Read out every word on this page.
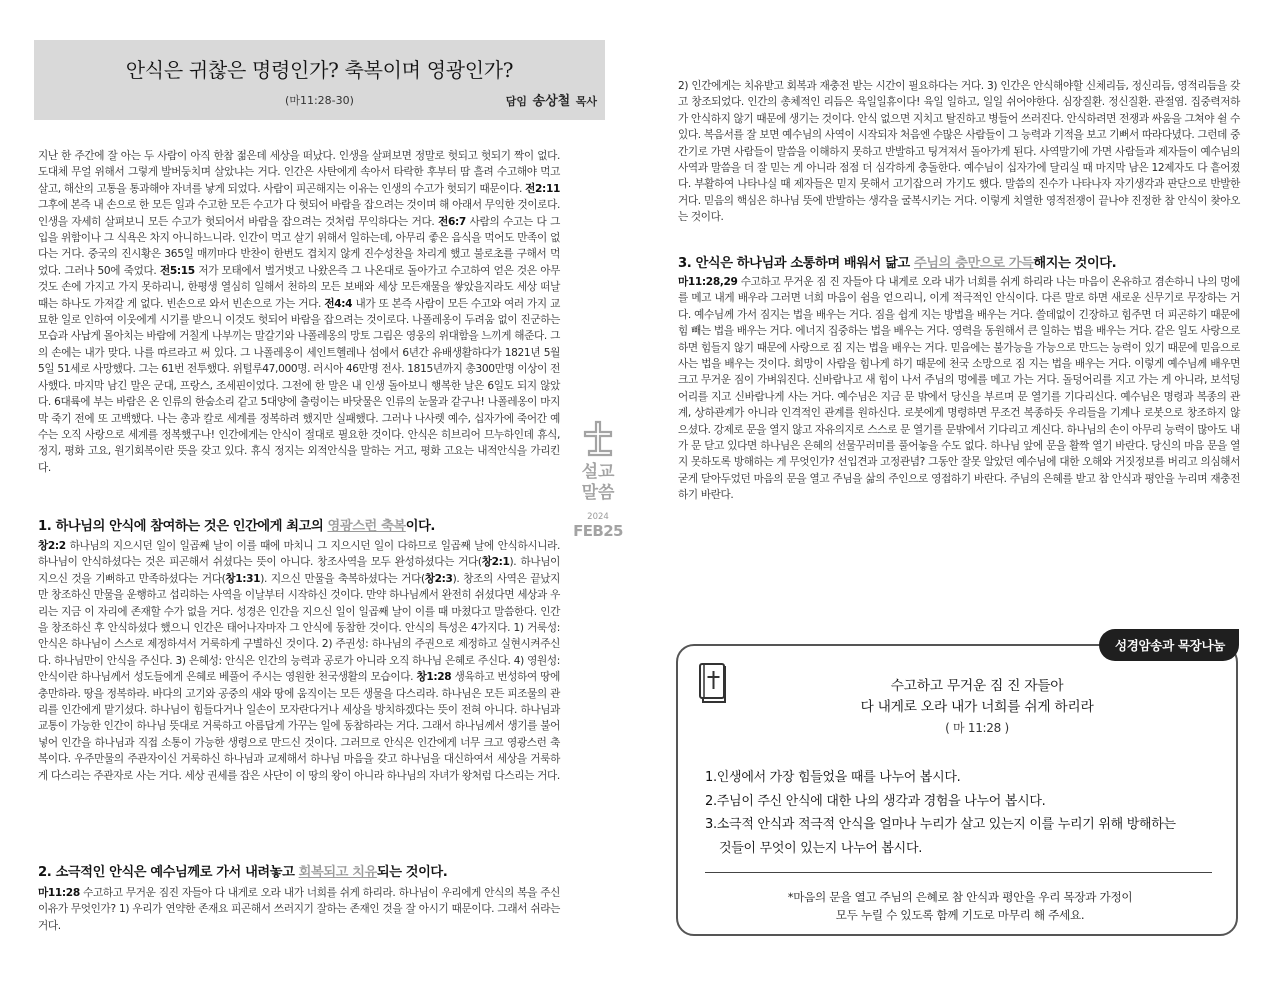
안식은 귀찮은 명령인가? 축복이며 영광인가?
(마11:28-30)	담임 송상철 목사
지난 한 주간에 잘 아는 두 사람이 아직 한참 젊은데 세상을 떠났다. 인생을 살펴보면 정말로 헛되고 헛되기 짝이 없다. 도대체 무얼 위해서 그렇게 발버둥치며 살았냐는 거다. 인간은 사탄에게 속아서 타락한 후부터 땀 흘려 수고해야 먹고 살고, 해산의 고통을 통과해야 자녀를 낳게 되었다. 사람이 피곤해지는 이유는 인생의 수고가 헛되기 때문이다. 전2:11 그후에 본즉 내 손으로 한 모든 일과 수고한 모든 수고가 다 헛되어 바람을 잡으려는 것이며 해 아래서 무익한 것이로다. 인생을 자세히 살펴보니 모든 수고가 헛되어서 바람을 잡으려는 것처럼 무익하다는 거다. 전6:7 사람의 수고는 다 그 입을 위함이나 그 식욕은 차지 아니하느니라. 인간이 먹고 살기 위해서 일하는데, 아무리 좋은 음식을 먹어도 만족이 없다는 거다. 중국의 진시황은 365일 매끼마다 반찬이 한번도 겹치지 않게 진수성찬을 차리게 했고 불로초를 구해서 먹었다. 그러나 50에 죽었다. 전5:15 저가 모태에서 벌거벗고 나왔은즉 그 나온대로 돌아가고 수고하여 얻은 것은 아무 것도 손에 가지고 가지 못하리니, 한평생 열심히 일해서 천하의 모든 보배와 세상 모든재물을 쌓았을지라도 세상 떠날 때는 하나도 가져갈 게 없다. 빈손으로 와서 빈손으로 가는 거다. 전4:4 내가 또 본즉 사람이 모든 수고와 여러 가지 교묘한 일로 인하여 이웃에게 시기를 받으니 이것도 헛되어 바람을 잡으려는 것이로다. 나폴레옹이 두려움 없이 진군하는 모습과 사납게 몰아치는 바람에 거칠게 나부끼는 말갈기와 나폴레옹의 망토 그림은 영웅의 위대함을 느끼게 해준다. 그의 손에는 내가 맞다. 나를 따르라고 써 있다. 그 나폴레옹이 세인트헬레나 섬에서 6년간 유배생활하다가 1821년 5월 5일 51세로 사망했다. 그는 61번 전투했다. 위털루47,000명. 러시아 46만명 전사. 1815년까지 총300만명 이상이 전사했다. 마지막 남긴 말은 군대, 프랑스, 조세핀이었다. 그전에 한 말은 내 인생 돌아보니 행복한 날은 6일도 되지 않았다. 6대륙에 부는 바람은 온 인류의 한숨소리 같고 5대양에 출렁이는 바닷물은 인류의 눈물과 같구나! 나폴레옹이 마지막 죽기 전에 또 고백했다. 나는 총과 칼로 세계를 정복하려 했지만 실패했다. 그러나 나사렛 예수, 십자가에 죽어간 예수는 오직 사랑으로 세계를 정복했구나! 인간에게는 안식이 절대로 필요한 것이다. 안식은 히브리어 므누하인데 휴식, 정지, 평화 고요, 원기회복이란 뜻을 갖고 있다. 휴식 정지는 외적안식을 말하는 거고, 평화 고요는 내적안식을 가리킨다.
1. 하나님의 안식에 참여하는 것은 인간에게 최고의 영광스런 축복이다.
창2:2 하나님의 지으시던 일이 일곱째 날이 이를 때에 마치니 그 지으시던 일이 다하므로 일곱째 날에 안식하시니라. 하나님이 안식하셨다는 것은 피곤해서 쉬셨다는 뜻이 아니다. 창조사역을 모두 완성하셨다는 거다(창2:1). 하나님이 지으신 것을 기뻐하고 만족하셨다는 거다(창1:31). 지으신 만물을 축복하셨다는 거다(창2:3). 창조의 사역은 끝났지만 창조하신 만물을 운행하고 섭리하는 사역을 이날부터 시작하신 것이다. 만약 하나님께서 완전히 쉬셨다면 세상과 우리는 지금 이 자리에 존재할 수가 없을 거다. 성경은 인간을 지으신 일이 일곱째 날이 이를 때 마쳤다고 말씀한다. 인간을 창조하신 후 안식하셨다 했으니 인간은 태어나자마자 그 안식에 동참한 것이다. 안식의 특성은 4가지다. 1) 거룩성: 안식은 하나님이 스스로 제정하셔서 거룩하게 구별하신 것이다. 2) 주권성: 하나님의 주권으로 제정하고 실현시켜주신다. 하나님만이 안식을 주신다. 3) 은혜성: 안식은 인간의 능력과 공로가 아니라 오직 하나님 은혜로 주신다. 4) 영원성: 안식이란 하나님께서 성도들에게 은혜로 베풀어 주시는 영원한 천국생활의 모습이다. 창1:28 생육하고 번성하여 땅에 충만하라. 땅을 정복하라. 바다의 고기와 공중의 새와 땅에 움직이는 모든 생물을 다스리라. 하나님은 모든 피조물의 관리를 인간에게 맡기셨다. 하나님이 힘들다거나 일손이 모자란다거나 세상을 방치하겠다는 뜻이 전혀 아니다. 하나님과 교통이 가능한 인간이 하나님 뜻대로 거룩하고 아름답게 가꾸는 일에 동참하라는 거다. 그래서 하나님께서 생기를 불어넣어 인간을 하나님과 직접 소통이 가능한 생령으로 만드신 것이다. 그러므로 안식은 인간에게 너무 크고 영광스런 축복이다. 우주만물의 주관자이신 거룩하신 하나님과 교제해서 하나님 마음을 갖고 하나님을 대신하여서 세상을 거룩하게 다스리는 주관자로 사는 거다. 세상 권세를 잡은 사단이 이 땅의 왕이 아니라 하나님의 자녀가 왕처럼 다스리는 거다.
2. 소극적인 안식은 예수님께로 가서 내려놓고 회복되고 치유되는 것이다.
마11:28 수고하고 무거운 짐진 자들아 다 내게로 오라 내가 너희를 쉬게 하리라. 하나님이 우리에게 안식의 복을 주신 이유가 무엇인가? 1) 우리가 연약한 존재요 피곤해서 쓰러지기 잘하는 존재인 것을 잘 아시기 때문이다. 그래서 쉬라는 거다.
설교
말씀
2024
FEB25
2) 인간에게는 치유받고 회복과 재충전 받는 시간이 필요하다는 거다. 3) 인간은 안식해야할 신체리듬, 정신리듬, 영적리듬을 갖고 창조되었다. 인간의 총체적인 리듬은 육일일휴이다! 육일 일하고, 일일 쉬어야한다. 심장질환. 정신질환. 관절염. 집중력저하가 안식하지 않기 때문에 생기는 것이다. 안식 없으면 지치고 탈진하고 병들어 쓰러진다. 안식하려면 전쟁과 싸움을 그쳐야 쉴 수 있다. 복음서를 잘 보면 예수님의 사역이 시작되자 처음엔 수많은 사람들이 그 능력과 기적을 보고 기뻐서 따라다녔다. 그런데 중간기로 가면 사람들이 말씀을 이해하지 못하고 반발하고 팅겨져서 돌아가게 된다. 사역말기에 가면 사람들과 제자들이 예수님의 사역과 말씀을 더 잘 믿는 게 아니라 점점 더 심각하게 충돌한다. 예수님이 십자가에 달리실 때 마지막 남은 12제자도 다 흩어졌다. 부활하여 나타나실 때 제자들은 믿지 못해서 고기잡으러 가기도 했다. 말씀의 진수가 나타나자 자기생각과 판단으로 반발한 거다. 믿음의 핵심은 하나님 뜻에 반발하는 생각을 굴복시키는 거다. 이렇게 치열한 영적전쟁이 끝나야 진정한 참 안식이 찾아오는 것이다.
3. 안식은 하나님과 소통하며 배워서 닮고 주님의 충만으로 가득해지는 것이다.
마11:28,29 수고하고 무거운 짐 진 자들아 다 내게로 오라 내가 너희를 쉬게 하리라 나는 마음이 온유하고 겸손하니 나의 멍에를 메고 내게 배우라 그러면 너희 마음이 쉼을 얻으리니, 이게 적극적인 안식이다. 다른 말로 하면 새로운 신무기로 무장하는 거다. 예수님께 가서 짐지는 법을 배우는 거다. 짐을 쉽게 지는 방법을 배우는 거다. 쓸데없이 긴장하고 힘주면 더 피곤하기 때문에 힘 빼는 법을 배우는 거다. 에너지 집중하는 법을 배우는 거다. 영력을 동원해서 큰 일하는 법을 배우는 거다. 같은 일도 사랑으로 하면 힘들지 않기 때문에 사랑으로 짐 지는 법을 배우는 거다. 믿음에는 불가능을 가능으로 만드는 능력이 있기 때문에 믿음으로 사는 법을 배우는 것이다. 희망이 사람을 힘나게 하기 때문에 천국 소망으로 짐 지는 법을 배우는 거다. 이렇게 예수님께 배우면 크고 무거운 짐이 가벼워진다. 신바람나고 새 힘이 나서 주님의 멍에를 메고 가는 거다. 돌덩어리를 지고 가는 게 아니라, 보석덩어리를 지고 신바람나게 사는 거다. 예수님은 지금 문 밖에서 당신을 부르며 문 열기를 기다리신다. 예수님은 명령과 복종의 관계, 상하관계가 아니라 인격적인 관계를 원하신다. 로봇에게 명령하면 무조건 복종하듯 우리들을 기계나 로봇으로 창조하지 않으셨다. 강제로 문을 열지 않고 자유의지로 스스로 문 열기를 문밖에서 기다리고 계신다. 하나님의 손이 아무리 능력이 많아도 내가 문 닫고 있다면 하나님은 은혜의 선물꾸러미를 풀어놓을 수도 없다. 하나님 앞에 문을 활짝 열기 바란다. 당신의 마음 문을 열지 못하도록 방해하는 게 무엇인가? 선입견과 고정관념? 그동안 잘못 알았던 예수님에 대한 오해와 거짓정보를 버리고 의심해서 굳게 닫아두었던 마음의 문을 열고 주님을 삶의 주인으로 영접하기 바란다. 주님의 은혜를 받고 참 안식과 평안을 누리며 재충전하기 바란다.
성경암송과 목장나눔
수고하고 무거운 짐 진 자들아
다 내게로 오라 내가 너희를 쉬게 하리라
( 마 11:28 )
1.인생에서 가장 힘들었을 때를 나누어 봅시다.
2.주님이 주신 안식에 대한 나의 생각과 경험을 나누어 봅시다.
3.소극적 안식과 적극적 안식을 얼마나 누리가 살고 있는지 이를 누리기 위해 방해하는
것들이 무엇이 있는지 나누어 봅시다.
*마음의 문을 열고 주님의 은혜로 참 안식과 평안을 우리 목장과 가정이
모두 누릴 수 있도록 함께 기도로 마무리 해 주세요.
